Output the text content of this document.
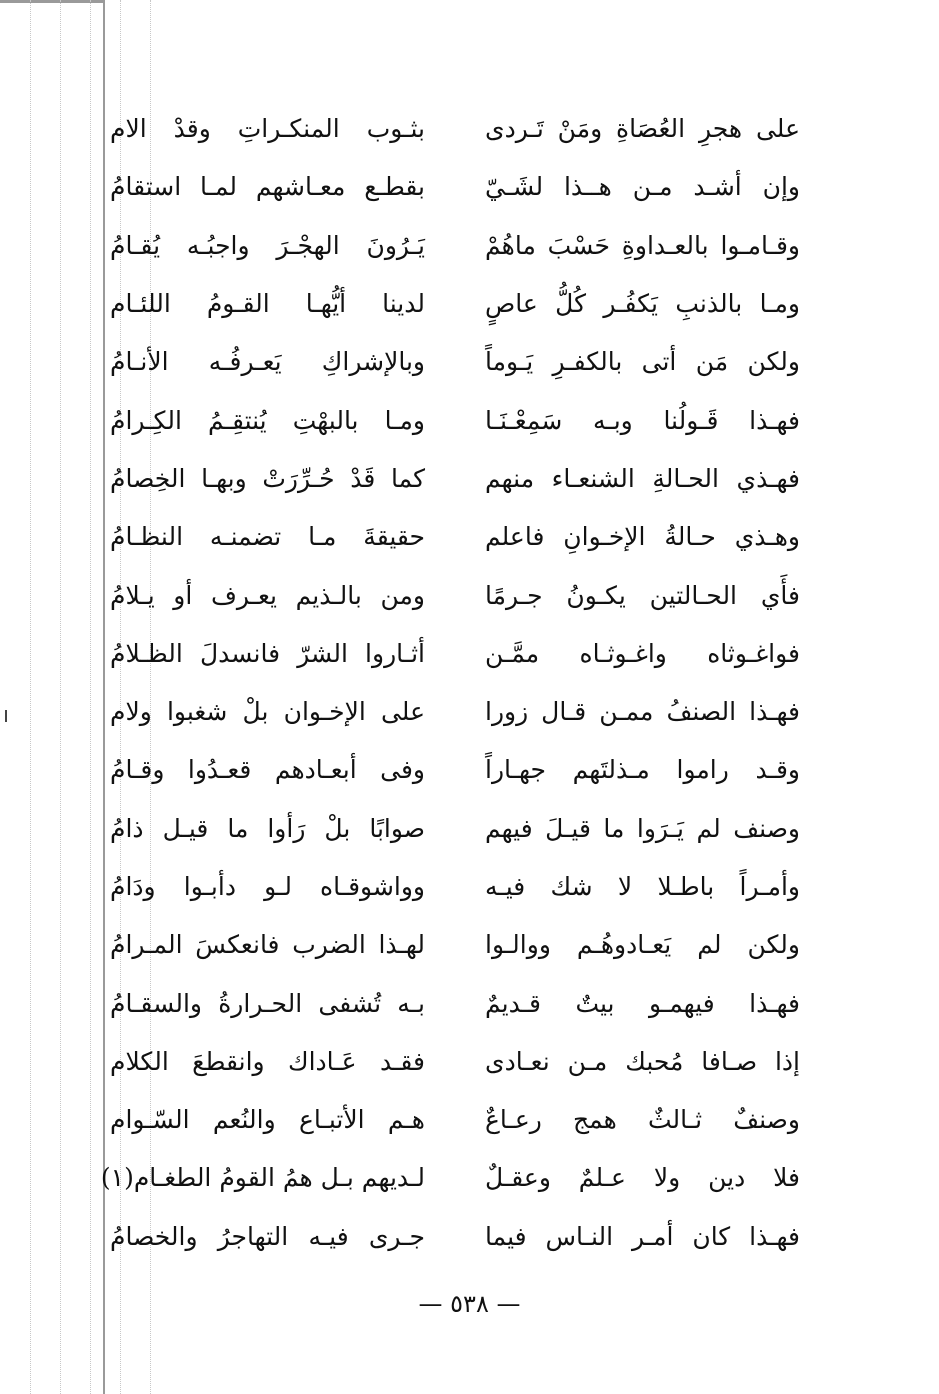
على هجرِ العُصَاةِ ومَنْ تَـردى
بثـوب المنكـراتِ وقدْ الام
وإن أشـد مـن هــذا لشَـيّ
بقطـع معـاشهم لمـا استقامُ
وقـامـوا بالعـداوةِ حَسْبَ ماهُمْ
يَـرُونَ الهجْـرَ واجبُـه يُقـامُ
ومـا بالذنبِ يَكفُـر كُلُّ عاصٍ
لدينا أيُّهـا القـومُ اللئـام
ولكن مَن أتى بالكفـرِ يَـوماً
وبالإشراكِ يَعـرفُـه الأنـامُ
فهـذا قَـولُنا وبـه سَمِعْـنَـا
ومـا بالبهْتِ يُنتقِـمُ الكِـرامُ
فهـذي الحـالةِ الشنعـاء منهم
كما قَدْ حُـرِّرَتْ وبهـا الخِصامُ
وهـذي حـالةُ الإخـوانِ فاعلم
حقيقةَ مـا تضمنـه النظـامُ
فأَي الحـالتين يكـونُ جـرمًا
ومن بالـذيم يعـرف أو يـلامُ
فواغـوثاه واغـوثـاه ممَّـن
أثـاروا الشرّ فانسدلَ الظـلامُ
فهـذا الصنفُ ممـن قـال زورا
على الإخـوان بلْ شغبوا ولام
وقـد راموا مـذلتَهم جهـاراً
وفى أبعـادهم قعـدُوا وقـامُ
وصنف لم يَـرَوا ما قيـلَ فيهم
صوابًا بلْ رَأوا ما قيـل ذامُ
وأمـراً باطـلا لا شك فيـه
وواشوقـاه لـو دأبـوا ودَامُ
ولكن لم يَعـادوهُـم ووالـوا
لهـذا الضرب فانعكسَ المـرامُ
فهـذا فيهمـو بيتٌ قـديمٌ
بـه تُشفى الحـرارةُ والسقـامُ
إذا صـافا مُحبك مـن نعـادى
فقـد عَـاداك وانقطعَ الكلام
وصنفٌ ثـالثٌ همج رعـاعٌ
هـم الأتبـاع والنُعم السّـوام
فلا دين ولا عـلمٌ وعقـلٌ
لـديهم بـل همُ القومُ الطغـام(١)
فهـذا كان أمـر النـاس فيما
جـرى فيـه التهاجرُ والخصامُ
— ٥٣٨ —
